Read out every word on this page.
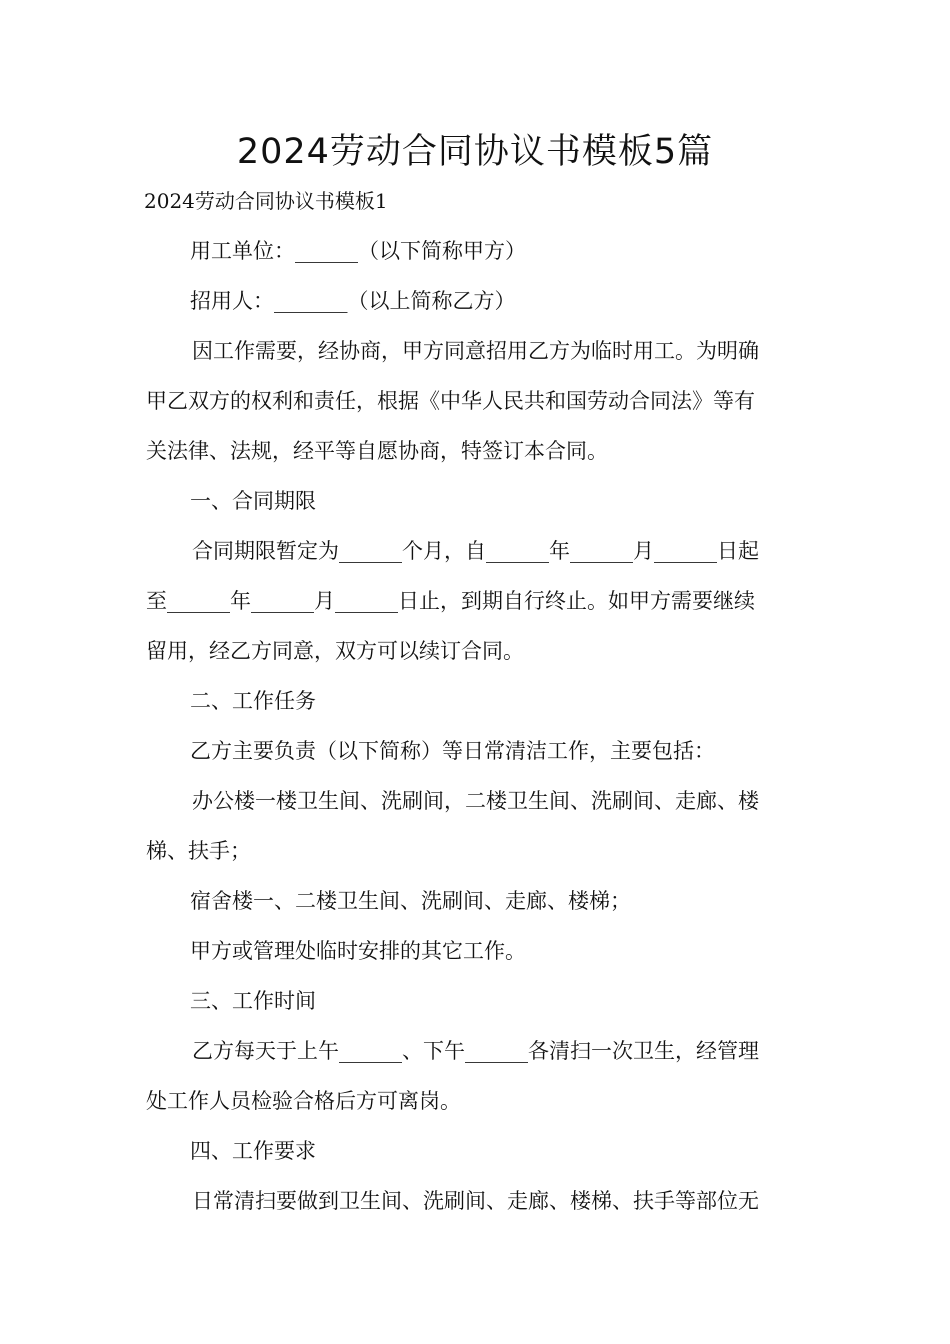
2024劳动合同协议书模板5篇
2024劳动合同协议书模板1
用工单位：______（以下简称甲方）
招用人：_______（以上简称乙方）
因工作需要，经协商，甲方同意招用乙方为临时用工。为明确
甲乙双方的权利和责任，根据《中华人民共和国劳动合同法》等有
关法律、法规，经平等自愿协商，特签订本合同。
一、合同期限
合同期限暂定为______个月，自______年______月______日起
至______年______月______日止，到期自行终止。如甲方需要继续
留用，经乙方同意，双方可以续订合同。
二、工作任务
乙方主要负责（以下简称）等日常清洁工作，主要包括：
办公楼一楼卫生间、洗刷间，二楼卫生间、洗刷间、走廊、楼
梯、扶手；
宿舍楼一、二楼卫生间、洗刷间、走廊、楼梯；
甲方或管理处临时安排的其它工作。
三、工作时间
乙方每天于上午______、下午______各清扫一次卫生，经管理
处工作人员检验合格后方可离岗。
四、工作要求
日常清扫要做到卫生间、洗刷间、走廊、楼梯、扶手等部位无
